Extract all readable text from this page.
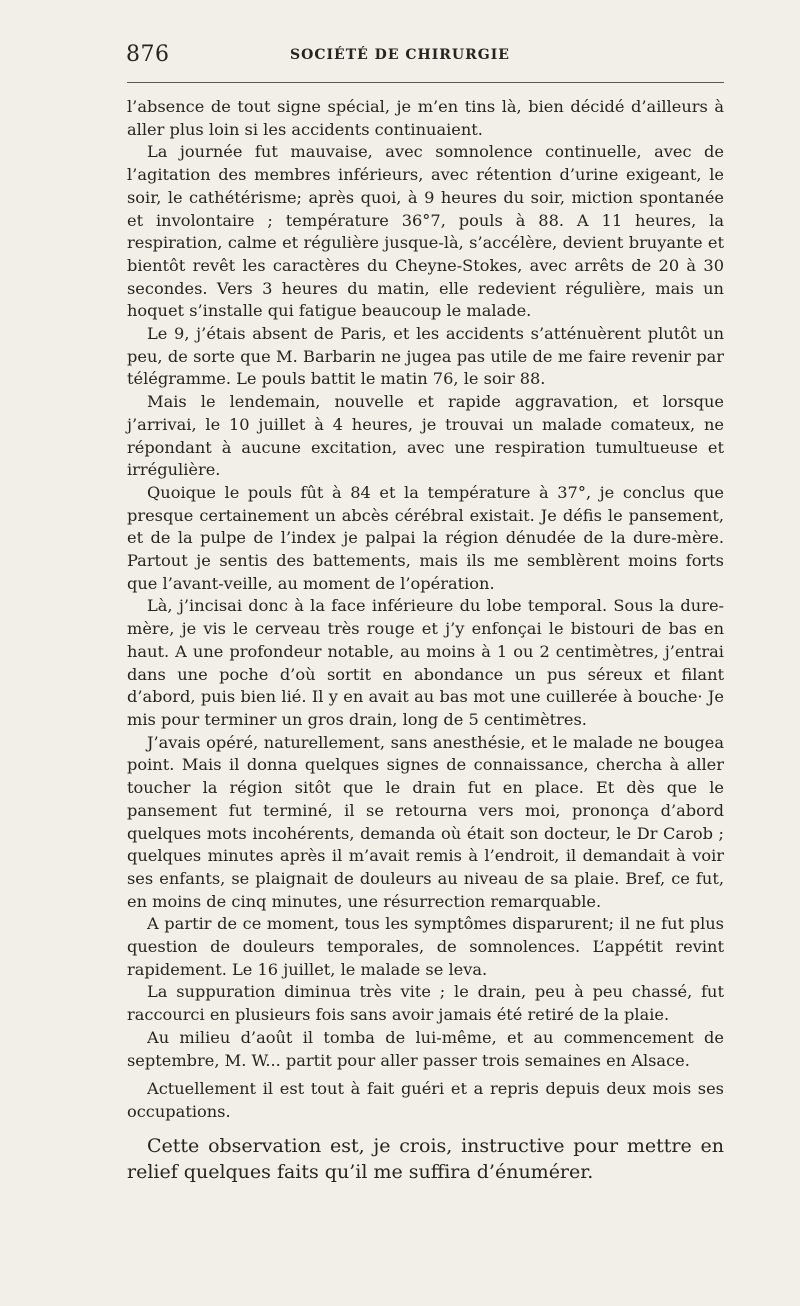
876	SOCIÉTÉ DE CHIRURGIE

l’absence de tout signe spécial, je m’en tins là, bien décidé d’ailleurs à aller plus loin si les accidents continuaient.

La journée fut mauvaise, avec somnolence continuelle, avec de l’agitation des membres inférieurs, avec rétention d’urine exigeant, le soir, le cathétérisme; après quoi, à 9 heures du soir, miction spontanée et involontaire ; température 36°7, pouls à 88. A 11 heures, la respiration, calme et régulière jusque-là, s’accélère, devient bruyante et bientôt revêt les caractères du Cheyne-Stokes, avec arrêts de 20 à 30 secondes. Vers 3 heures du matin, elle redevient régulière, mais un hoquet s’installe qui fatigue beaucoup le malade.

Le 9, j’étais absent de Paris, et les accidents s’atténuèrent plutôt un peu, de sorte que M. Barbarin ne jugea pas utile de me faire revenir par télégramme. Le pouls battit le matin 76, le soir 88.

Mais le lendemain, nouvelle et rapide aggravation, et lorsque j’arrivai, le 10 juillet à 4 heures, je trouvai un malade comateux, ne répondant à aucune excitation, avec une respiration tumultueuse et irrégulière.

Quoique le pouls fût à 84 et la température à 37°, je conclus que presque certainement un abcès cérébral existait. Je défis le pansement, et de la pulpe de l’index je palpai la région dénudée de la dure-mère. Partout je sentis des battements, mais ils me semblèrent moins forts que l’avant-veille, au moment de l’opération.

Là, j’incisai donc à la face inférieure du lobe temporal. Sous la dure-mère, je vis le cerveau très rouge et j’y enfonçai le bistouri de bas en haut. A une profondeur notable, au moins à 1 ou 2 centimètres, j’entrai dans une poche d’où sortit en abondance un pus séreux et filant d’abord, puis bien lié. Il y en avait au bas mot une cuillerée à bouche· Je mis pour terminer un gros drain, long de 5 centimètres.

J’avais opéré, naturellement, sans anesthésie, et le malade ne bougea point. Mais il donna quelques signes de connaissance, chercha à aller toucher la région sitôt que le drain fut en place. Et dès que le pansement fut terminé, il se retourna vers moi, prononça d’abord quelques mots incohérents, demanda où était son docteur, le Dr Carob ; quelques minutes après il m’avait remis à l’endroit, il demandait à voir ses enfants, se plaignait de douleurs au niveau de sa plaie. Bref, ce fut, en moins de cinq minutes, une résurrection remarquable.

A partir de ce moment, tous les symptômes disparurent; il ne fut plus question de douleurs temporales, de somnolences. L’appétit revint rapidement. Le 16 juillet, le malade se leva.

La suppuration diminua très vite ; le drain, peu à peu chassé, fut raccourci en plusieurs fois sans avoir jamais été retiré de la plaie.

Au milieu d’août il tomba de lui-même, et au commencement de septembre, M. W... partit pour aller passer trois semaines en Alsace.

Actuellement il est tout à fait guéri et a repris depuis deux mois ses occupations.

Cette observation est, je crois, instructive pour mettre en relief quelques faits qu’il me suffira d’énumérer.
